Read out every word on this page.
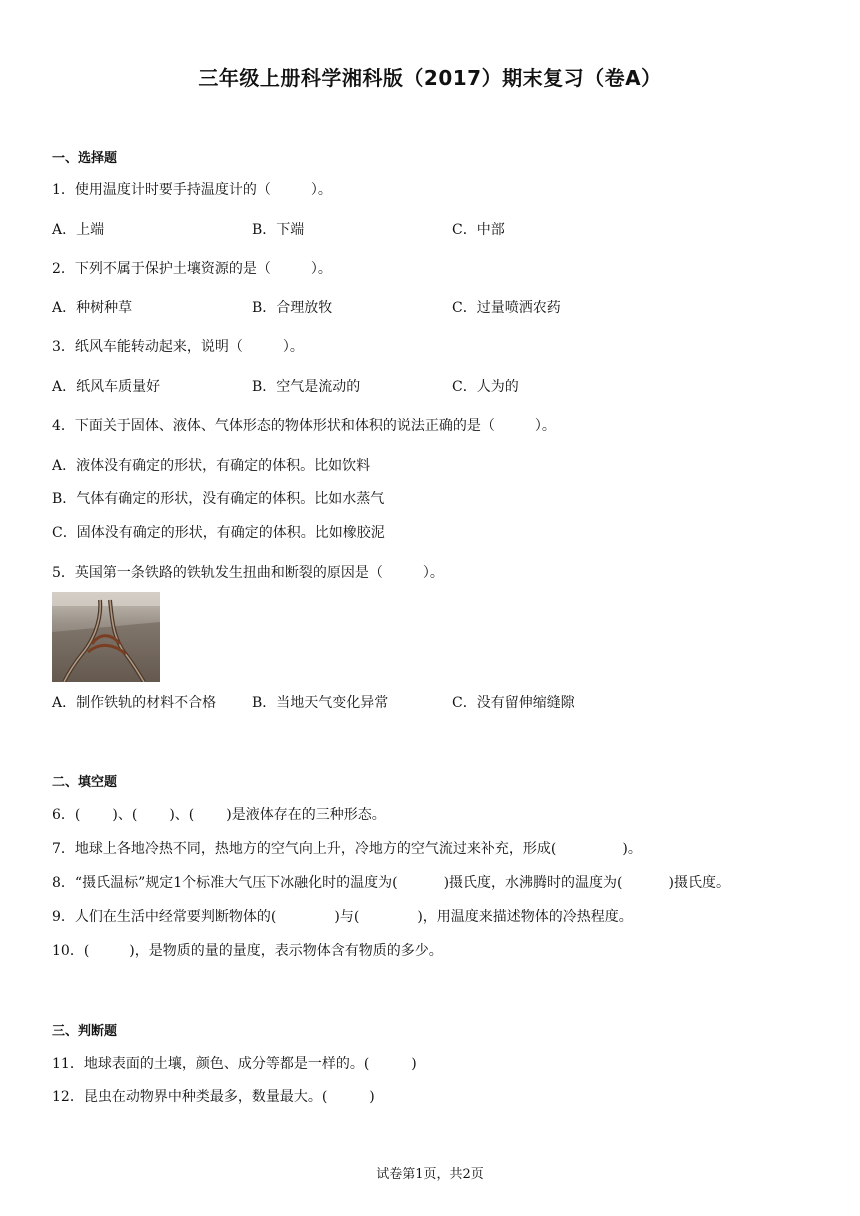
三年级上册科学湘科版（2017）期末复习（卷A）
一、选择题
1．使用温度计时要手持温度计的（	）。
A．上端	B．下端	C．中部
2．下列不属于保护土壤资源的是（	）。
A．种树种草	B．合理放牧	C．过量喷洒农药
3．纸风车能转动起来，说明（	）。
A．纸风车质量好	B．空气是流动的	C．人为的
4．下面关于固体、液体、气体形态的物体形状和体积的说法正确的是（	）。
A．液体没有确定的形状，有确定的体积。比如饮料
B．气体有确定的形状，没有确定的体积。比如水蒸气
C．固体没有确定的形状，有确定的体积。比如橡胶泥
5．英国第一条铁路的铁轨发生扭曲和断裂的原因是（	）。
A．制作铁轨的材料不合格	B．当地天气变化异常	C．没有留伸缩缝隙
二、填空题
6．( )、( )、( )是液体存在的三种形态。
7．地球上各地冷热不同，热地方的空气向上升，冷地方的空气流过来补充，形成(	)。
8．“摄氏温标”规定1个标准大气压下冰融化时的温度为(	)摄氏度，水沸腾时的温度为(	)摄氏度。
9．人们在生活中经常要判断物体的(	)与(	)，用温度来描述物体的冷热程度。
10．(	)，是物质的量的量度，表示物体含有物质的多少。
三、判断题
11．地球表面的土壤，颜色、成分等都是一样的。(	)
12．昆虫在动物界中种类最多，数量最大。(	)
试卷第1页，共2页
